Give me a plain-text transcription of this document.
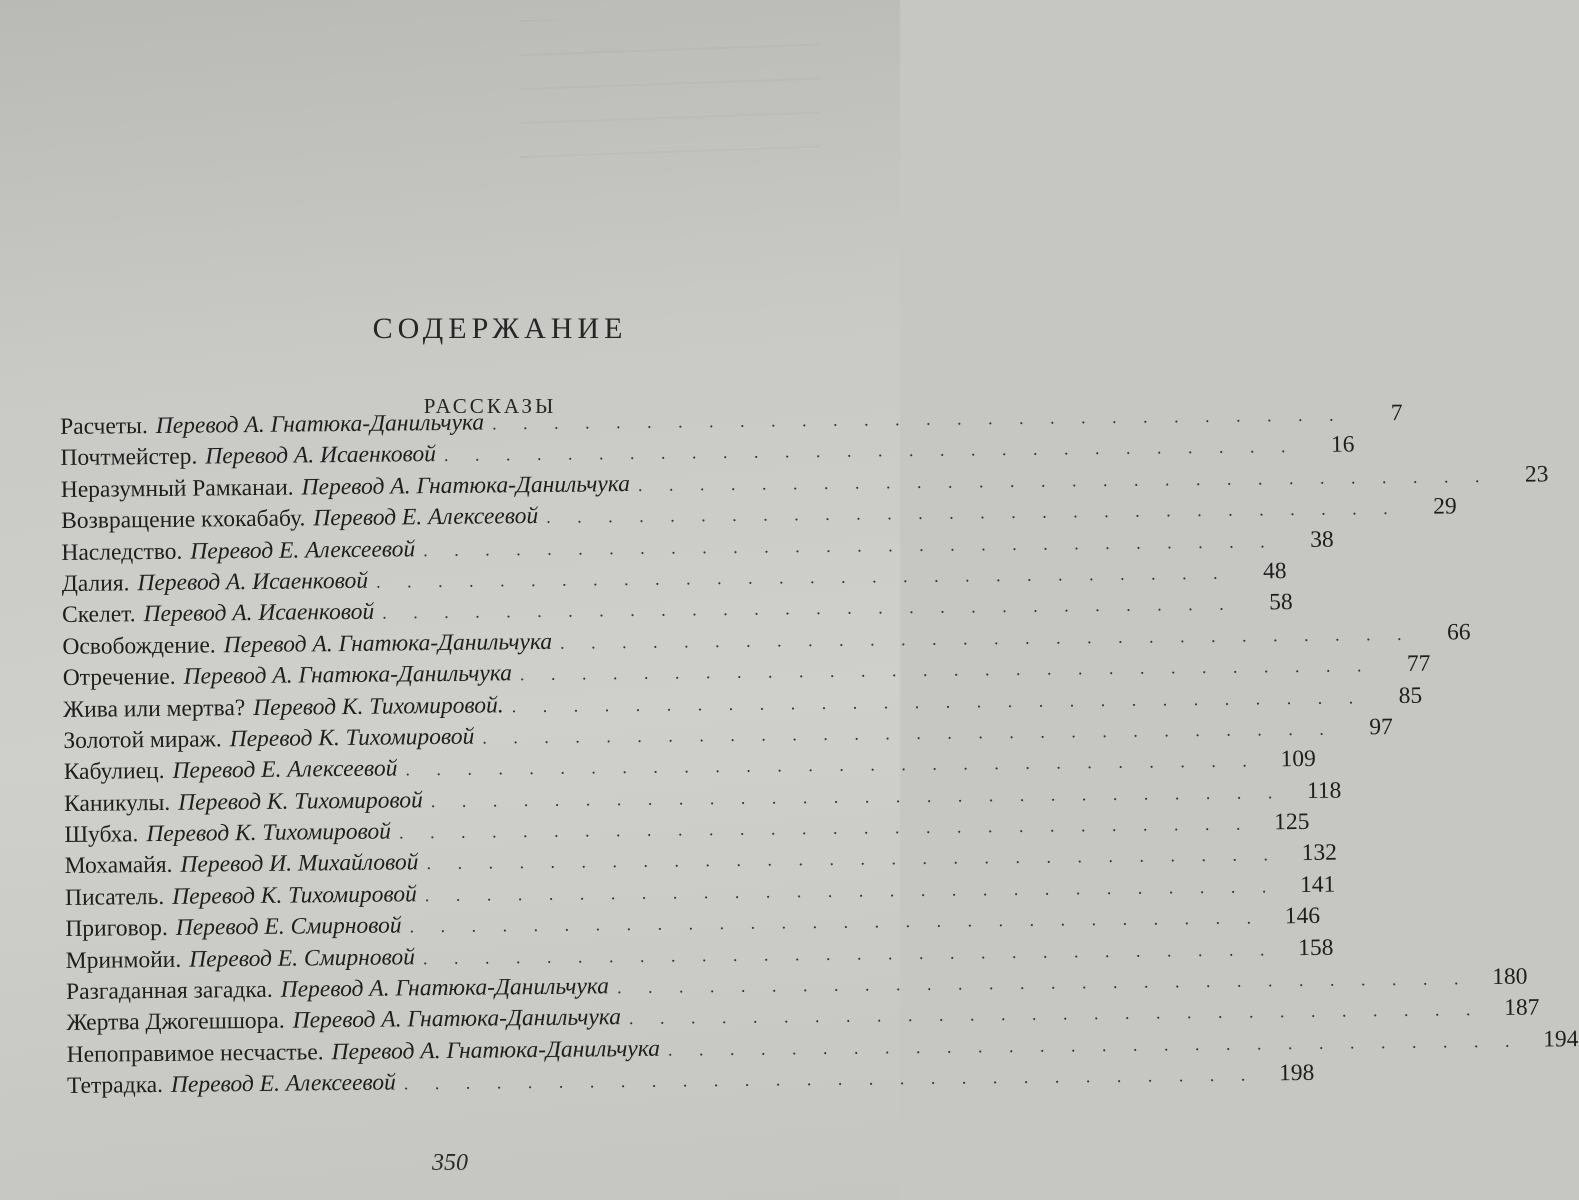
СОДЕРЖАНИЕ
РАССКАЗЫ
Расчеты. Перевод А. Гнатюка-Данильчука . . . . . . . . . . . . . . . . . . . . . . . . . . . .	7
Почтмейстер. Перевод А. Исаенковой . . . . . . . . . . . . . . . . . . . . . . . . . . . .	16
Неразумный Рамканаи. Перевод А. Гнатюка-Данильчука . . . . . . . . . . . . . . . . . . . . . . . . . . . .	23
Возвращение кхокабабу. Перевод Е. Алексеевой . . . . . . . . . . . . . . . . . . . . . . . . . . . .	29
Наследство. Перевод Е. Алексеевой . . . . . . . . . . . . . . . . . . . . . . . . . . . .	38
Далия. Перевод А. Исаенковой . . . . . . . . . . . . . . . . . . . . . . . . . . . .	48
Скелет. Перевод А. Исаенковой . . . . . . . . . . . . . . . . . . . . . . . . . . . .	58
Освобождение. Перевод А. Гнатюка-Данильчука . . . . . . . . . . . . . . . . . . . . . . . . . . . .	66
Отречение. Перевод А. Гнатюка-Данильчука . . . . . . . . . . . . . . . . . . . . . . . . . . . .	77
Жива или мертва? Перевод К. Тихомировой. . . . . . . . . . . . . . . . . . . . . . . . . . . . .	85
Золотой мираж. Перевод К. Тихомировой . . . . . . . . . . . . . . . . . . . . . . . . . . . .	97
Кабулиец. Перевод Е. Алексеевой . . . . . . . . . . . . . . . . . . . . . . . . . . . . 109
Каникулы. Перевод К. Тихомировой . . . . . . . . . . . . . . . . . . . . . . . . . . . . 118
Шубха. Перевод К. Тихомировой . . . . . . . . . . . . . . . . . . . . . . . . . . . . 125
Мохамайя. Перевод И. Михайловой . . . . . . . . . . . . . . . . . . . . . . . . . . . . 132
Писатель. Перевод К. Тихомировой . . . . . . . . . . . . . . . . . . . . . . . . . . . . 141
Приговор. Перевод Е. Смирновой . . . . . . . . . . . . . . . . . . . . . . . . . . . . 146
Мринмойи. Перевод Е. Смирновой . . . . . . . . . . . . . . . . . . . . . . . . . . . . 158
Разгаданная загадка. Перевод А. Гнатюка-Данильчука . . . . . . . . . . . . . . . . . . . . . . . . . . . . 180
Жертва Джогешшора. Перевод А. Гнатюка-Данильчука . . . . . . . . . . . . . . . . . . . . . . . . . . . . 187
Непоправимое несчастье. Перевод А. Гнатюка-Данильчука . . . . . . . . . . . . . . . . . . . . . . . . . . . . 194
Тетрадка. Перевод Е. Алексеевой . . . . . . . . . . . . . . . . . . . . . . . . . . . . 198
350
